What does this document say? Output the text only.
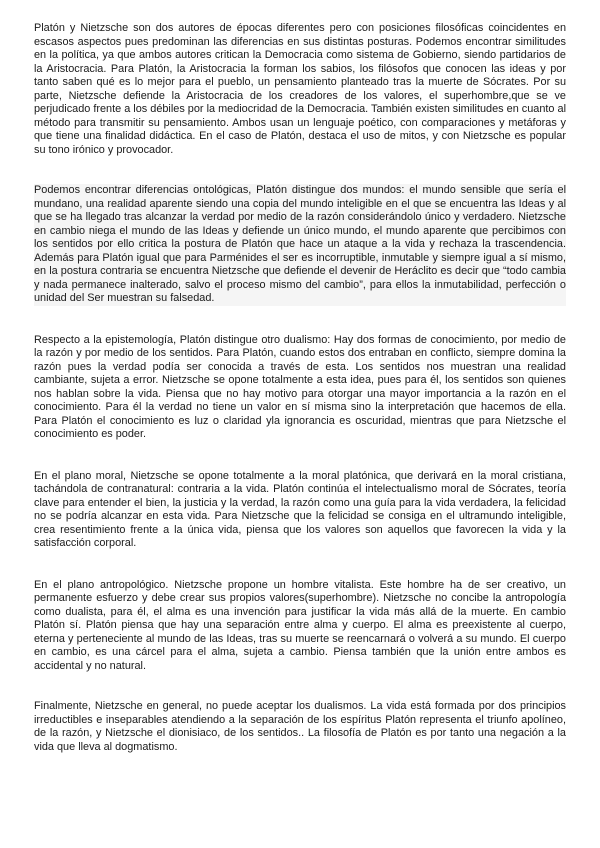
Platón y Nietzsche son dos autores de épocas diferentes pero con posiciones filosóficas coincidentes en escasos aspectos pues predominan las diferencias en sus distintas posturas. Podemos encontrar similitudes en la política, ya que ambos autores critican la Democracia como sistema de Gobierno, siendo partidarios de la Aristocracia. Para Platón, la Aristocracia la forman los sabios, los filósofos que conocen las ideas y por tanto saben qué es lo mejor para el pueblo, un pensamiento planteado tras la muerte de Sócrates. Por su parte, Nietzsche defiende la Aristocracia de los creadores de los valores, el superhombre,que se ve perjudicado frente a los débiles por la mediocridad de la Democracia. También existen similitudes en cuanto al método para transmitir su pensamiento. Ambos usan un lenguaje poético, con comparaciones y metáforas y que tiene una finalidad didáctica. En el caso de Platón, destaca el uso de mitos, y con Nietzsche es popular su tono irónico y provocador.

Podemos encontrar diferencias ontológicas, Platón distingue dos mundos: el mundo sensible que sería el mundano, una realidad aparente siendo una copia del mundo inteligible en el que se encuentra las Ideas y al que se ha llegado tras alcanzar la verdad por medio de la razón considerándolo único y verdadero. Nietzsche en cambio niega el mundo de las Ideas y defiende un único mundo, el mundo aparente que percibimos con los sentidos por ello critica la postura de Platón que hace un ataque a la vida y rechaza la trascendencia. Además para Platón igual que para Parménides el ser es incorruptible, inmutable y siempre igual a sí mismo, en la postura contraria se encuentra Nietzsche que defiende el devenir de Heráclito es decir que “todo cambia y nada permanece inalterado, salvo el proceso mismo del cambio”, para ellos la inmutabilidad, perfección o unidad del Ser muestran su falsedad.

Respecto a la epistemología, Platón distingue otro dualismo: Hay dos formas de conocimiento, por medio de la razón y por medio de los sentidos. Para Platón, cuando estos dos entraban en conflicto, siempre domina la razón pues la verdad podía ser conocida a través de esta. Los sentidos nos muestran una realidad cambiante, sujeta a error. Nietzsche se opone totalmente a esta idea, pues para él, los sentidos son quienes nos hablan sobre la vida. Piensa que no hay motivo para otorgar una mayor importancia a la razón en el conocimiento. Para él la verdad no tiene un valor en sí misma sino la interpretación que hacemos de ella. Para Platón el conocimiento es luz o claridad yla ignorancia es oscuridad, mientras que para Nietzsche el conocimiento es poder.

En el plano moral, Nietzsche se opone totalmente a la moral platónica, que derivará en la moral cristiana, tachándola de contranatural: contraria a la vida. Platón continúa el intelectualismo moral de Sócrates, teoría clave para entender el bien, la justicia y la verdad, la razón como una guía para la vida verdadera, la felicidad no se podría alcanzar en esta vida. Para Nietzsche que la felicidad se consiga en el ultramundo inteligible, crea resentimiento frente a la única vida, piensa que los valores son aquellos que favorecen la vida y la satisfacción corporal.

En el plano antropológico. Nietzsche propone un hombre vitalista. Este hombre ha de ser creativo, un permanente esfuerzo y debe crear sus propios valores(superhombre). Nietzsche no concibe la antropología como dualista, para él, el alma es una invención para justificar la vida más allá de la muerte. En cambio Platón sí. Platón piensa que hay una separación entre alma y cuerpo. El alma es preexistente al cuerpo, eterna y perteneciente al mundo de las Ideas, tras su muerte se reencarnará o volverá a su mundo. El cuerpo en cambio, es una cárcel para el alma, sujeta a cambio. Piensa también que la unión entre ambos es accidental y no natural.

Finalmente, Nietzsche en general, no puede aceptar los dualismos. La vida está formada por dos principios irreductibles e inseparables atendiendo a la separación de los espíritus Platón representa el triunfo apolíneo, de la razón, y Nietzsche el dionisiaco, de los sentidos.. La filosofía de Platón es por tanto una negación a la vida que lleva al dogmatismo.
